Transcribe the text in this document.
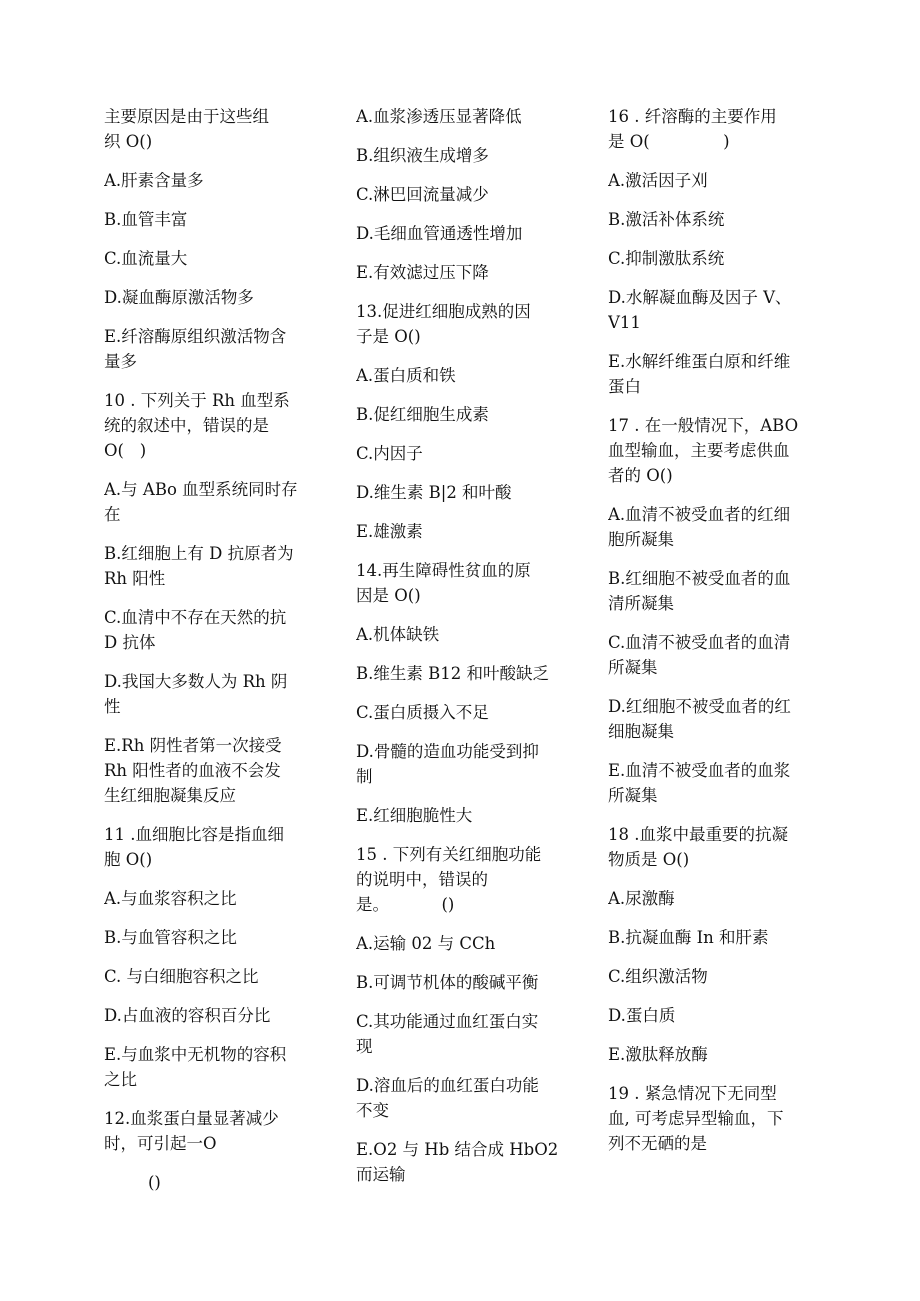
主要原因是由于这些组
织 O()
A.肝素含量多
B.血管丰富
C.血流量大
D.凝血酶原激活物多
E.纤溶酶原组织激活物含
量多
10 . 下列关于 Rh 血型系
统的叙述中，错误的是
O(   )
A.与 ABo 血型系统同时存
在
B.红细胞上有 D 抗原者为
Rh 阳性
C.血清中不存在天然的抗
D 抗体
D.我国大多数人为 Rh 阴
性
E.Rh 阴性者第一次接受
Rh 阳性者的血液不会发
生红细胞凝集反应
11 .血细胞比容是指血细
胞 O()
A.与血浆容积之比
B.与血管容积之比
C. 与白细胞容积之比
D.占血液的容积百分比
E.与血浆中无机物的容积
之比
12.血浆蛋白量显著减少
时，可引起一O
()
A.血浆渗透压显著降低
B.组织液生成增多
C.淋巴回流量减少
D.毛细血管通透性增加
E.有效滤过压下降
13.促进红细胞成熟的因
子是 O()
A.蛋白质和铁
B.促红细胞生成素
C.内因子
D.维生素 B|2 和叶酸
E.雄激素
14.再生障碍性贫血的原
因是 O()
A.机体缺铁
B.维生素 B12 和叶酸缺乏
C.蛋白质摄入不足
D.骨髓的造血功能受到抑
制
E.红细胞脆性大
15 . 下列有关红细胞功能
的说明中，错误的
是。          ()
A.运输 02 与 CCh
B.可调节机体的酸碱平衡
C.其功能通过血红蛋白实
现
D.溶血后的血红蛋白功能
不变
E.O2 与 Hb 结合成 HbO2
而运输
16 . 纤溶酶的主要作用
是 O(              )
A.激活因子刈
B.激活补体系统
C.抑制激肽系统
D.水解凝血酶及因子 V、
V11
E.水解纤维蛋白原和纤维
蛋白
17 . 在一般情况下，ABO
血型输血，主要考虑供血
者的 O()
A.血清不被受血者的红细
胞所凝集
B.红细胞不被受血者的血
清所凝集
C.血清不被受血者的血清
所凝集
D.红细胞不被受血者的红
细胞凝集
E.血清不被受血者的血浆
所凝集
18 .血浆中最重要的抗凝
物质是 O()
A.尿激酶
B.抗凝血酶 In 和肝素
C.组织激活物
D.蛋白质
E.激肽释放酶
19 . 紧急情况下无同型
血, 可考虑异型输血，下
列不无硒的是
